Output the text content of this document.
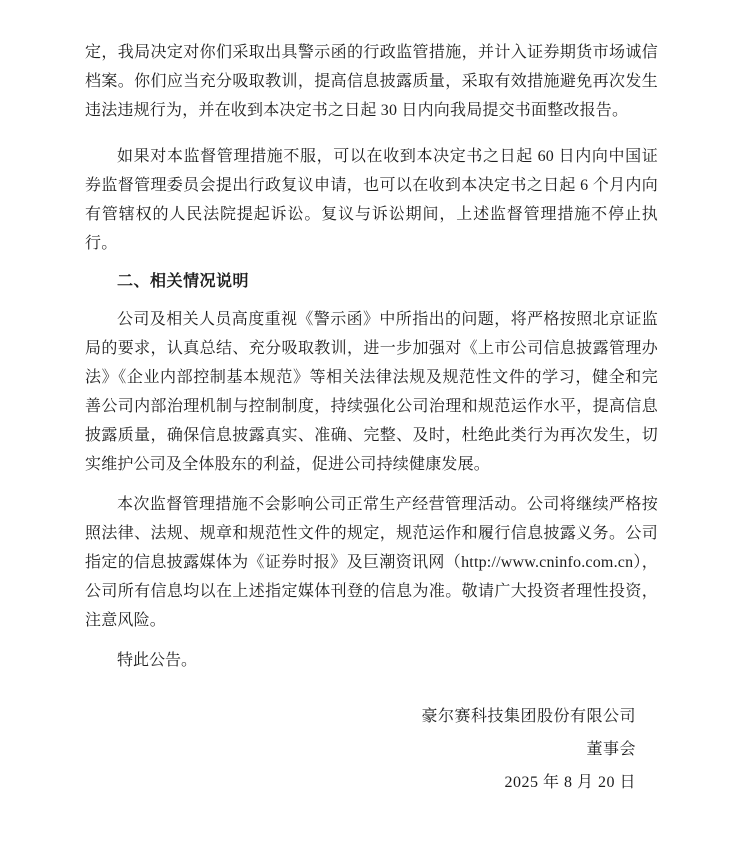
定，我局决定对你们采取出具警示函的行政监管措施，并计入证券期货市场诚信档案。你们应当充分吸取教训，提高信息披露质量，采取有效措施避免再次发生违法违规行为，并在收到本决定书之日起 30 日内向我局提交书面整改报告。

如果对本监督管理措施不服，可以在收到本决定书之日起 60 日内向中国证券监督管理委员会提出行政复议申请，也可以在收到本决定书之日起 6 个月内向有管辖权的人民法院提起诉讼。复议与诉讼期间，上述监督管理措施不停止执行。

二、相关情况说明

公司及相关人员高度重视《警示函》中所指出的问题，将严格按照北京证监局的要求，认真总结、充分吸取教训，进一步加强对《上市公司信息披露管理办法》《企业内部控制基本规范》等相关法律法规及规范性文件的学习，健全和完善公司内部治理机制与控制制度，持续强化公司治理和规范运作水平，提高信息披露质量，确保信息披露真实、准确、完整、及时，杜绝此类行为再次发生，切实维护公司及全体股东的利益，促进公司持续健康发展。

本次监督管理措施不会影响公司正常生产经营管理活动。公司将继续严格按照法律、法规、规章和规范性文件的规定，规范运作和履行信息披露义务。公司指定的信息披露媒体为《证券时报》及巨潮资讯网（http://www.cninfo.com.cn），公司所有信息均以在上述指定媒体刊登的信息为准。敬请广大投资者理性投资，注意风险。

特此公告。

豪尔赛科技集团股份有限公司
董事会
2025 年 8 月 20 日
